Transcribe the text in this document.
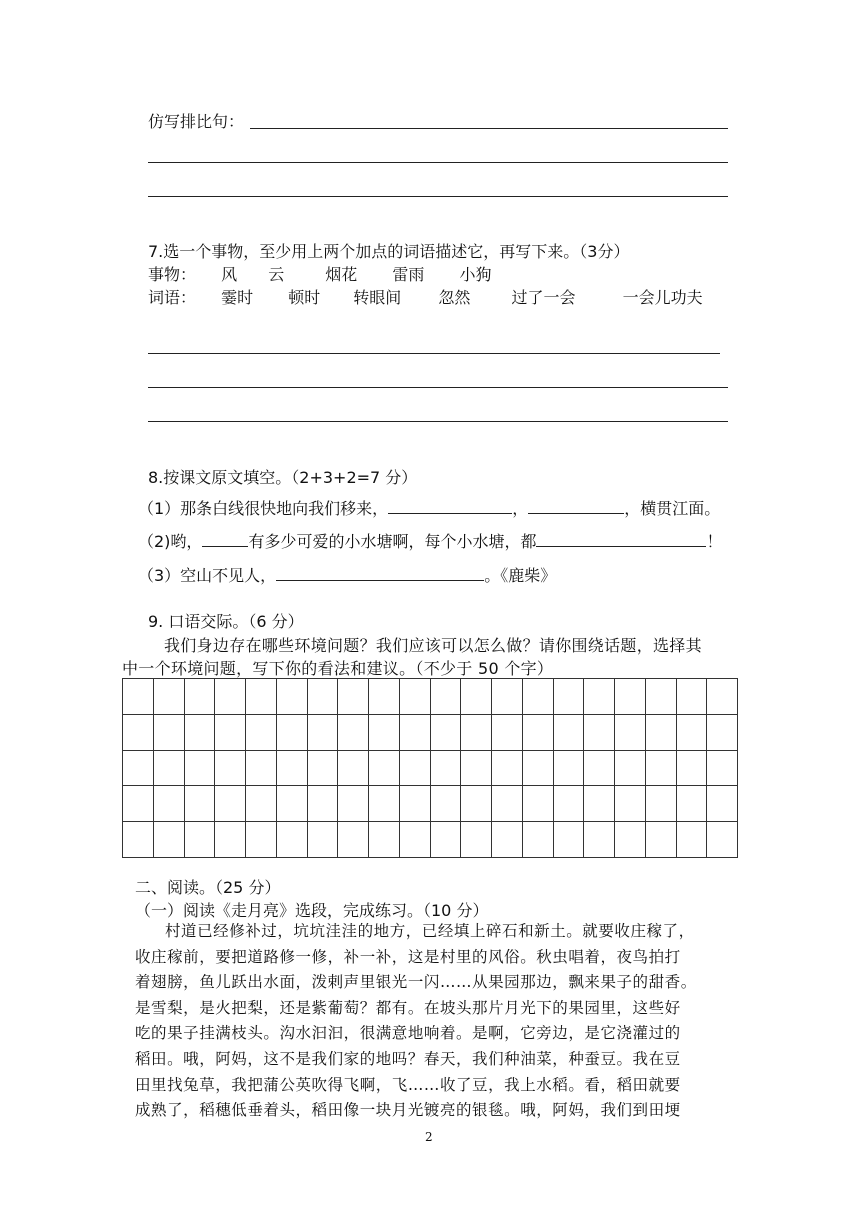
仿写排比句：
7.选一个事物，至少用上两个加点的词语描述它，再写下来。（3分）
事物： 风 云	烟花 雷雨 小狗
词语： 霎时 顿时 转眼间 忽然	过了一会	一会儿功夫
8.按课文原文填空。（2+3+2=7 分）
（1）那条白线很快地向我们移来，	，	，横贯江面。
（2)哟，	有多少可爱的小水塘啊，每个小水塘，都	！
（3）空山不见人，	。《鹿柴》
9. 口语交际。（6 分）
我们身边存在哪些环境问题？我们应该可以怎么做？请你围绕话题，选择其
中一个环境问题，写下你的看法和建议。（不少于 50 个字）

二、阅读。（25 分）
（一）阅读《走月亮》选段，完成练习。（10 分）
村道已经修补过，坑坑洼洼的地方，已经填上碎石和新土。就要收庄稼了，
收庄稼前，要把道路修一修，补一补，这是村里的风俗。秋虫唱着，夜鸟拍打
着翅膀，鱼儿跃出水面，泼剌声里银光一闪……从果园那边，飘来果子的甜香。
是雪梨，是火把梨，还是紫葡萄？都有。在坡头那片月光下的果园里，这些好
吃的果子挂满枝头。沟水汩汩，很满意地响着。是啊，它旁边，是它浇灌过的
稻田。哦，阿妈，这不是我们家的地吗？春天，我们种油菜，种蚕豆。我在豆
田里找兔草，我把蒲公英吹得飞啊，飞……收了豆，我上水稻。看，稻田就要
成熟了，稻穗低垂着头，稻田像一块月光镀亮的银毯。哦，阿妈，我们到田埂
2
